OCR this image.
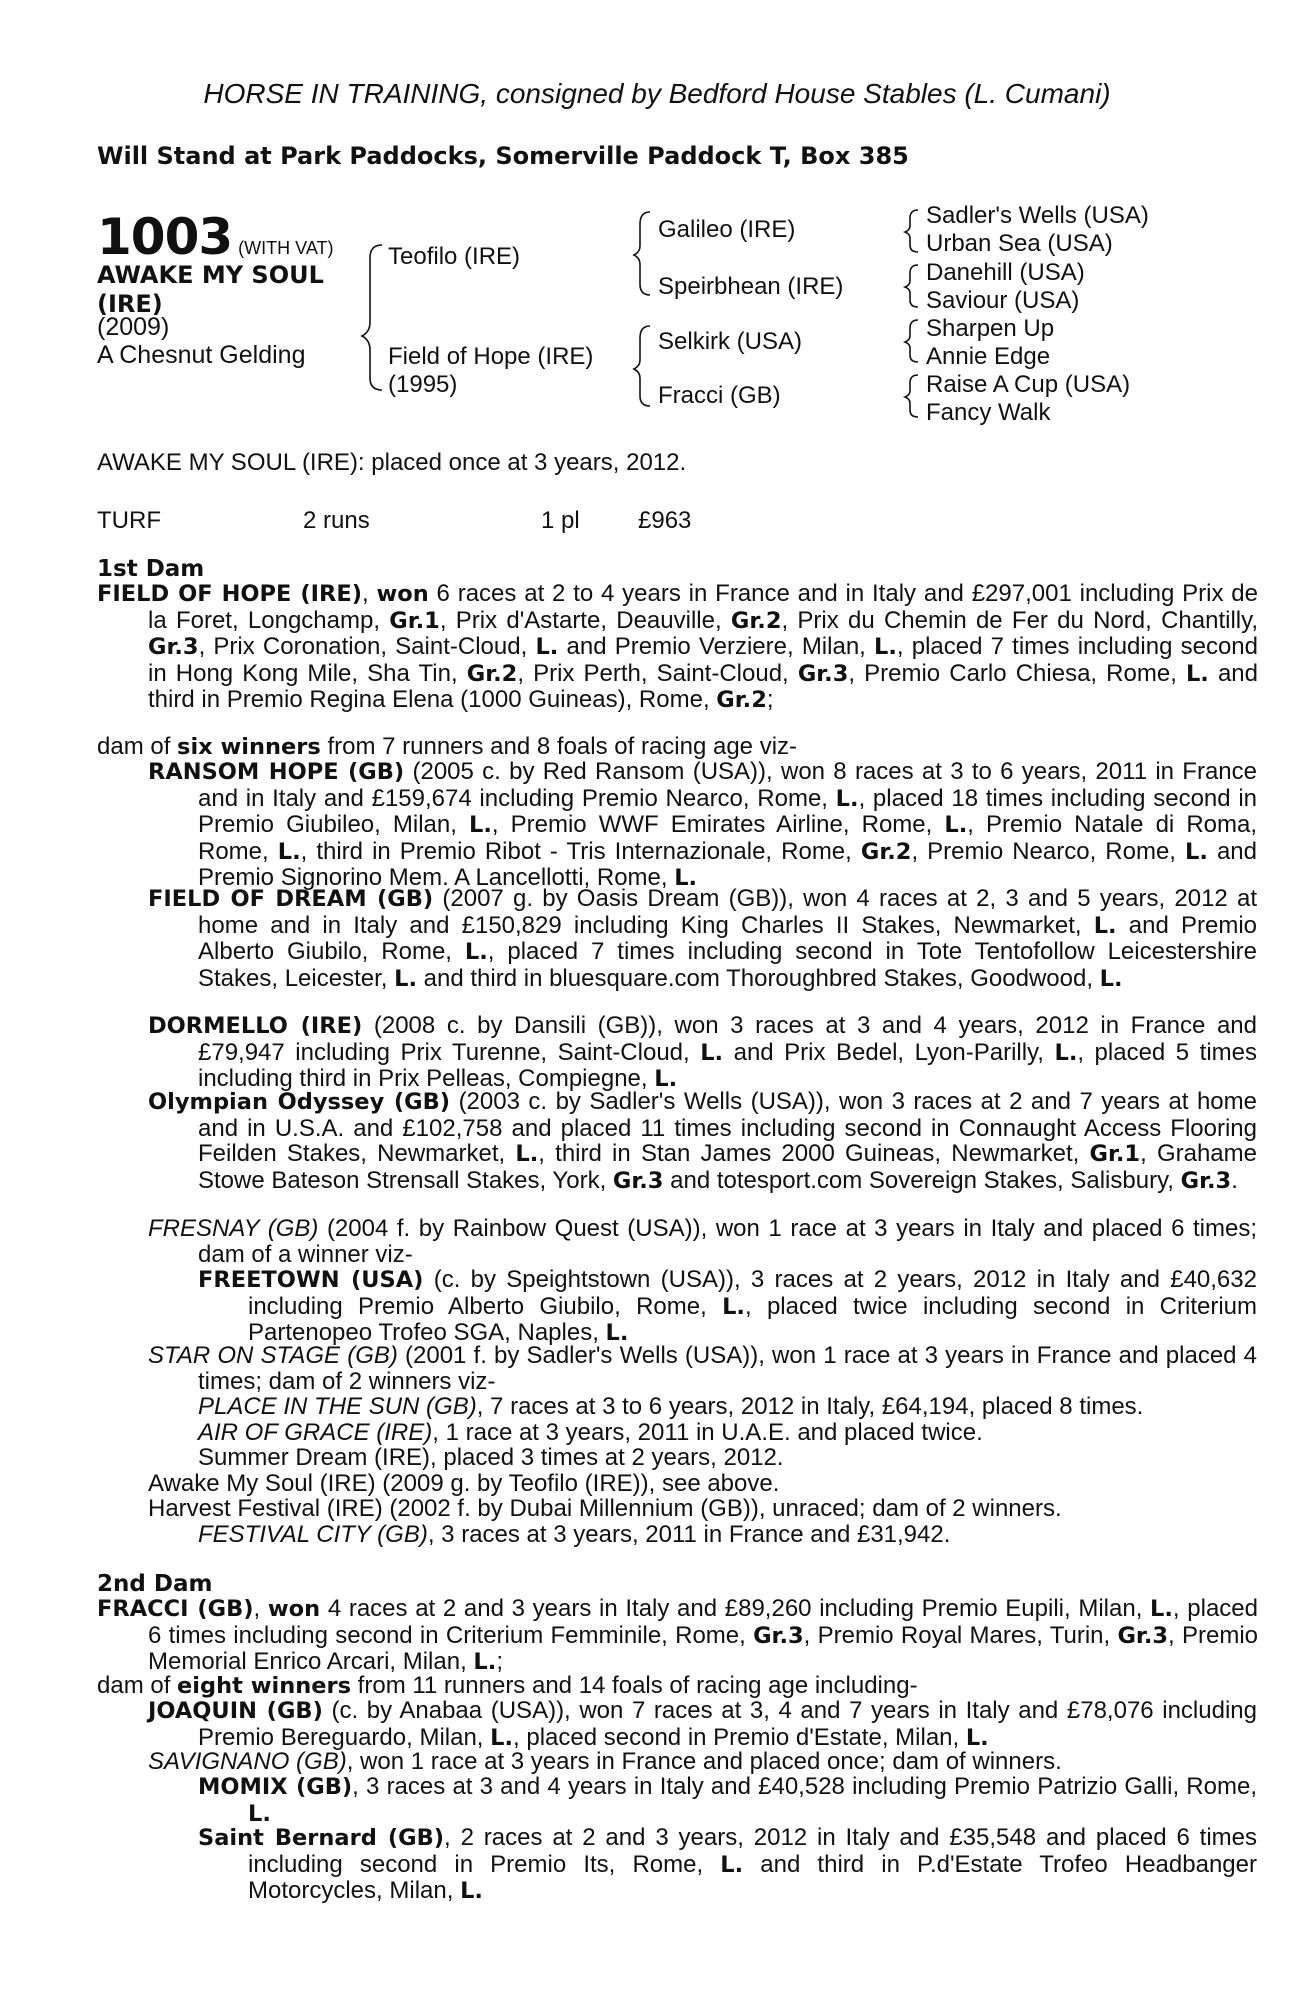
HORSE IN TRAINING, consigned by Bedford House Stables (L. Cumani)
Will Stand at Park Paddocks, Somerville Paddock T, Box 385
1003 (WITH VAT)
AWAKE MY SOUL
(IRE)
(2009)
A Chesnut Gelding
Teofilo (IRE)
Field of Hope (IRE)
(1995)
Galileo (IRE)
Speirbhean (IRE)
Selkirk (USA)
Fracci (GB)
Sadler's Wells (USA)
Urban Sea (USA)
Danehill (USA)
Saviour (USA)
Sharpen Up
Annie Edge
Raise A Cup (USA)
Fancy Walk
AWAKE MY SOUL (IRE): placed once at 3 years, 2012.
TURF	2 runs	1 pl £963
1st Dam
FIELD OF HOPE (IRE), won 6 races at 2 to 4 years in France and in Italy and £297,001 including Prix de la Foret, Longchamp, Gr.1, Prix d'Astarte, Deauville, Gr.2, Prix du Chemin de Fer du Nord, Chantilly, Gr.3, Prix Coronation, Saint-Cloud, L. and Premio Verziere, Milan, L., placed 7 times including second in Hong Kong Mile, Sha Tin, Gr.2, Prix Perth, Saint-Cloud, Gr.3, Premio Carlo Chiesa, Rome, L. and third in Premio Regina Elena (1000 Guineas), Rome, Gr.2;
dam of six winners from 7 runners and 8 foals of racing age viz-
RANSOM HOPE (GB) (2005 c. by Red Ransom (USA)), won 8 races at 3 to 6 years, 2011 in France and in Italy and £159,674 including Premio Nearco, Rome, L., placed 18 times including second in Premio Giubileo, Milan, L., Premio WWF Emirates Airline, Rome, L., Premio Natale di Roma, Rome, L., third in Premio Ribot - Tris Internazionale, Rome, Gr.2, Premio Nearco, Rome, L. and Premio Signorino Mem. A Lancellotti, Rome, L.
FIELD OF DREAM (GB) (2007 g. by Oasis Dream (GB)), won 4 races at 2, 3 and 5 years, 2012 at home and in Italy and £150,829 including King Charles II Stakes, Newmarket, L. and Premio Alberto Giubilo, Rome, L., placed 7 times including second in Tote Tentofollow Leicestershire Stakes, Leicester, L. and third in bluesquare.com Thoroughbred Stakes, Goodwood, L.
DORMELLO (IRE) (2008 c. by Dansili (GB)), won 3 races at 3 and 4 years, 2012 in France and £79,947 including Prix Turenne, Saint-Cloud, L. and Prix Bedel, Lyon-Parilly, L., placed 5 times including third in Prix Pelleas, Compiegne, L.
Olympian Odyssey (GB) (2003 c. by Sadler's Wells (USA)), won 3 races at 2 and 7 years at home and in U.S.A. and £102,758 and placed 11 times including second in Connaught Access Flooring Feilden Stakes, Newmarket, L., third in Stan James 2000 Guineas, Newmarket, Gr.1, Grahame Stowe Bateson Strensall Stakes, York, Gr.3 and totesport.com Sovereign Stakes, Salisbury, Gr.3.
FRESNAY (GB) (2004 f. by Rainbow Quest (USA)), won 1 race at 3 years in Italy and placed 6 times; dam of a winner viz-
FREETOWN (USA) (c. by Speightstown (USA)), 3 races at 2 years, 2012 in Italy and £40,632 including Premio Alberto Giubilo, Rome, L., placed twice including second in Criterium Partenopeo Trofeo SGA, Naples, L.
STAR ON STAGE (GB) (2001 f. by Sadler's Wells (USA)), won 1 race at 3 years in France and placed 4 times; dam of 2 winners viz-
PLACE IN THE SUN (GB), 7 races at 3 to 6 years, 2012 in Italy, £64,194, placed 8 times.
AIR OF GRACE (IRE), 1 race at 3 years, 2011 in U.A.E. and placed twice.
Summer Dream (IRE), placed 3 times at 2 years, 2012.
Awake My Soul (IRE) (2009 g. by Teofilo (IRE)), see above.
Harvest Festival (IRE) (2002 f. by Dubai Millennium (GB)), unraced; dam of 2 winners.
FESTIVAL CITY (GB), 3 races at 3 years, 2011 in France and £31,942.
2nd Dam
FRACCI (GB), won 4 races at 2 and 3 years in Italy and £89,260 including Premio Eupili, Milan, L., placed 6 times including second in Criterium Femminile, Rome, Gr.3, Premio Royal Mares, Turin, Gr.3, Premio Memorial Enrico Arcari, Milan, L.;
dam of eight winners from 11 runners and 14 foals of racing age including-
JOAQUIN (GB) (c. by Anabaa (USA)), won 7 races at 3, 4 and 7 years in Italy and £78,076 including Premio Bereguardo, Milan, L., placed second in Premio d'Estate, Milan, L.
SAVIGNANO (GB), won 1 race at 3 years in France and placed once; dam of winners.
MOMIX (GB), 3 races at 3 and 4 years in Italy and £40,528 including Premio Patrizio Galli, Rome, L.
Saint Bernard (GB), 2 races at 2 and 3 years, 2012 in Italy and £35,548 and placed 6 times including second in Premio Its, Rome, L. and third in P.d'Estate Trofeo Headbanger Motorcycles, Milan, L.
